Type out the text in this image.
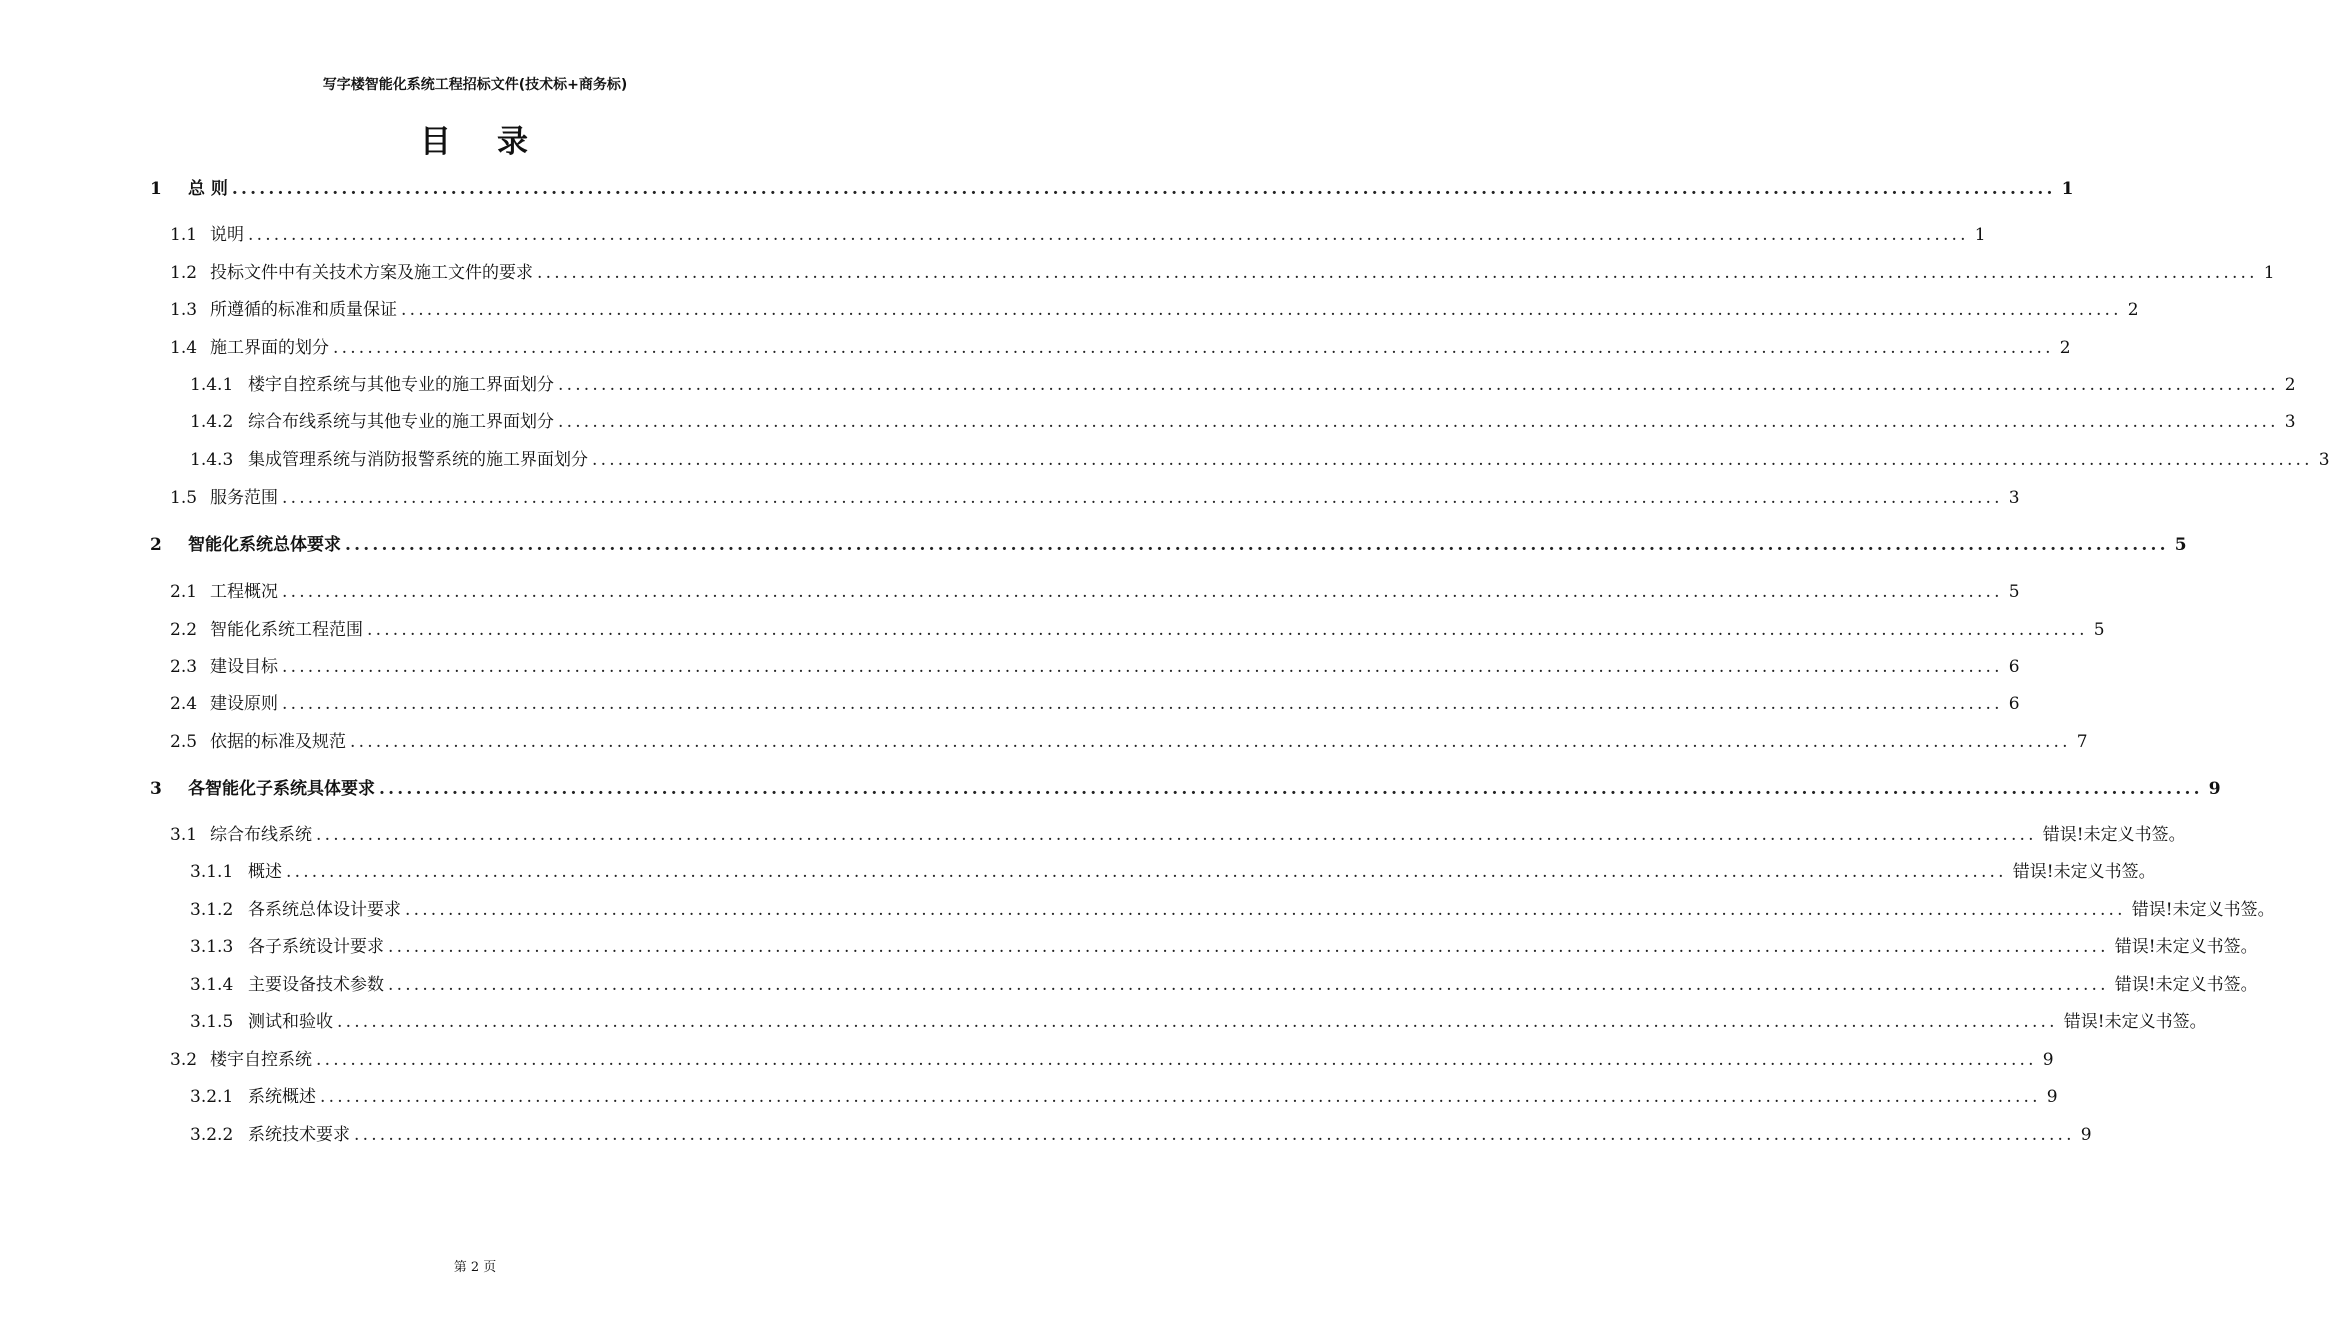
写字楼智能化系统工程招标文件(技术标+商务标)
目 录
1	总 则 ........................................................................................................................................................................................................ 1
1.1 说明 ........................................................................................................................................................................................................ 1
1.2 投标文件中有关技术方案及施工文件的要求 ........................................................................................................................................................................................................ 1
1.3 所遵循的标准和质量保证 ........................................................................................................................................................................................................ 2
1.4 施工界面的划分 ........................................................................................................................................................................................................ 2
1.4.1 楼宇自控系统与其他专业的施工界面划分 ........................................................................................................................................................................................................ 2
1.4.2 综合布线系统与其他专业的施工界面划分 ........................................................................................................................................................................................................ 3
1.4.3 集成管理系统与消防报警系统的施工界面划分 ........................................................................................................................................................................................................ 3
1.5 服务范围 ........................................................................................................................................................................................................ 3
2	智能化系统总体要求 ........................................................................................................................................................................................................ 5
2.1 工程概况 ........................................................................................................................................................................................................ 5
2.2 智能化系统工程范围 ........................................................................................................................................................................................................ 5
2.3 建设目标 ........................................................................................................................................................................................................ 6
2.4 建设原则 ........................................................................................................................................................................................................ 6
2.5 依据的标准及规范 ........................................................................................................................................................................................................ 7
3	各智能化子系统具体要求 ........................................................................................................................................................................................................ 9
3.1 综合布线系统 ........................................................................................................................................................................................................ 错误!未定义书签。
3.1.1 概述 ........................................................................................................................................................................................................ 错误!未定义书签。
3.1.2 各系统总体设计要求 ........................................................................................................................................................................................................ 错误!未定义书签。
3.1.3 各子系统设计要求 ........................................................................................................................................................................................................ 错误!未定义书签。
3.1.4 主要设备技术参数 ........................................................................................................................................................................................................ 错误!未定义书签。
3.1.5 测试和验收 ........................................................................................................................................................................................................ 错误!未定义书签。
3.2 楼宇自控系统 ........................................................................................................................................................................................................ 9
3.2.1 系统概述 ........................................................................................................................................................................................................ 9
3.2.2 系统技术要求 ........................................................................................................................................................................................................ 9
第 2 页
